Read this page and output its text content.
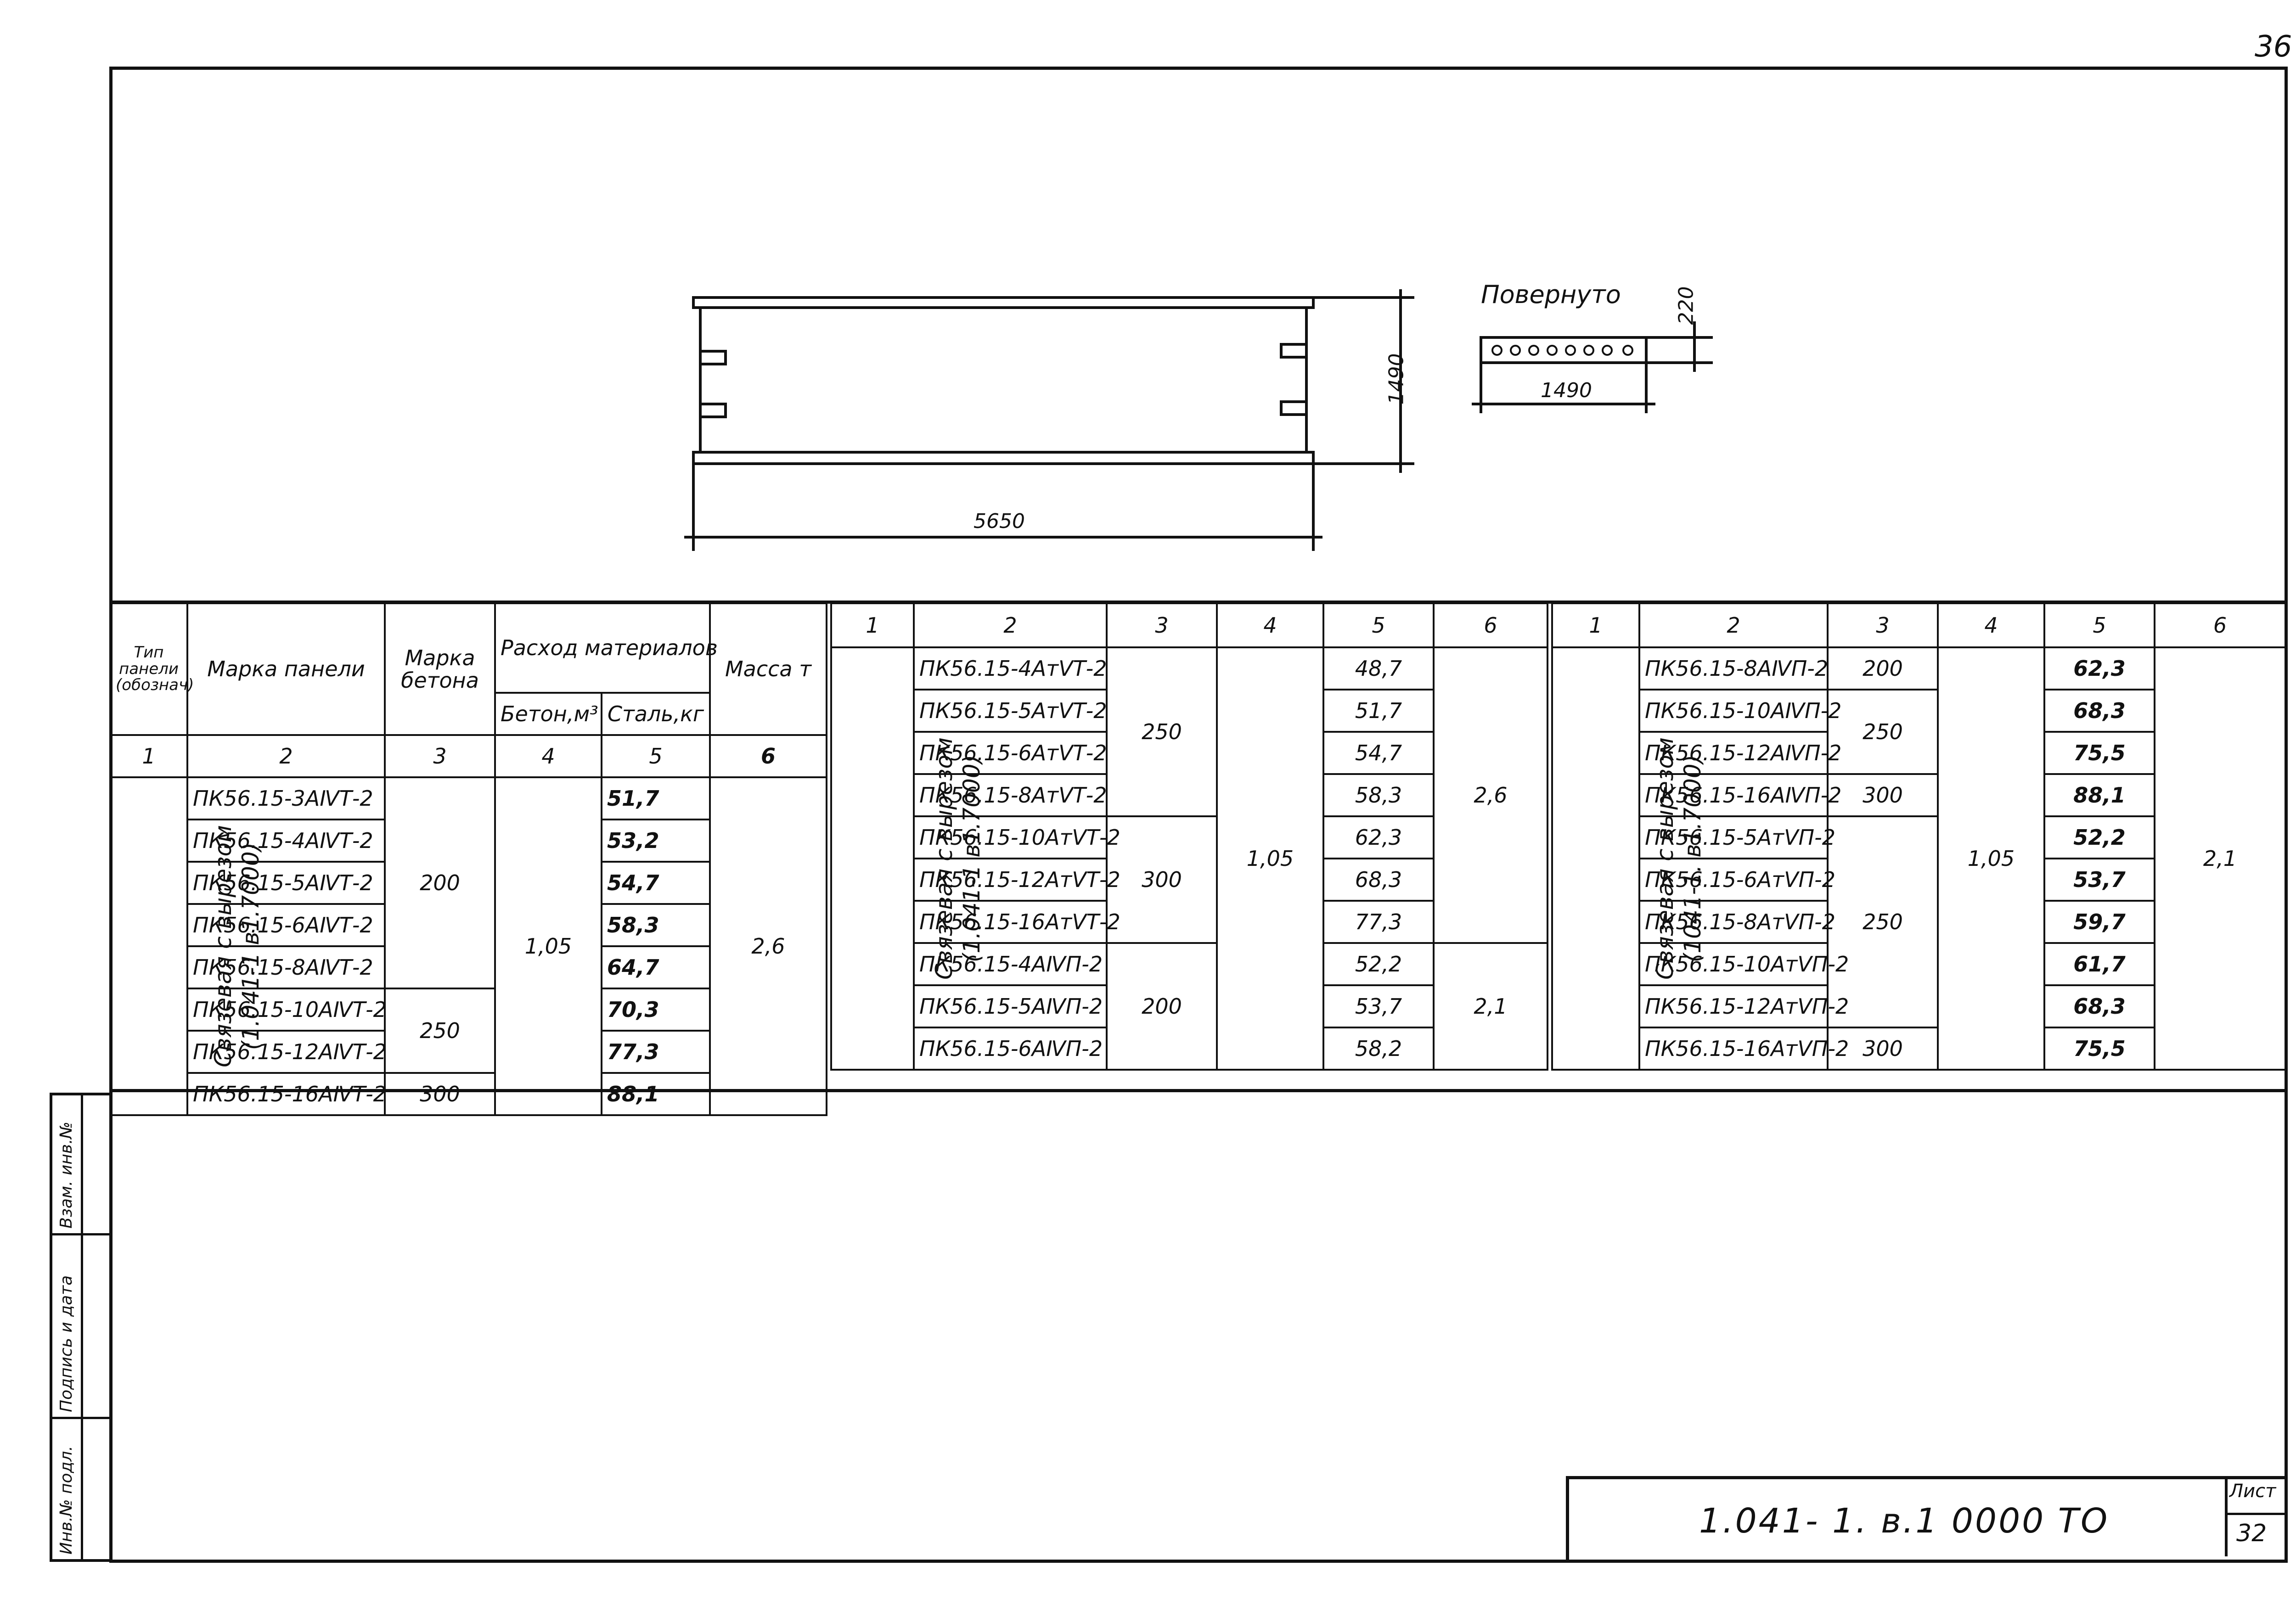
36
5650
1490
Повернуто
1490
220
Тип панели (обознач)	Марка панели	Марка бетона	Расход материалов		Масса т
			Бетон,м³	Сталь,кг	
1	2	3	4	5	6
Связевая с вырезом
(1.041-1 в1.7000)	ПК56.15-3АⅣТ-2	200	1,05	51,7	2,6
	ПК56.15-4АⅣТ-2			53,2	
	ПК56.15-5АⅣТ-2			54,7	
	ПК56.15-6АⅣТ-2			58,3	
	ПК56.15-8АⅣТ-2			64,7	
	ПК56.15-10АⅣТ-2	250		70,3	
	ПК56.15-12АⅣТ-2			77,3	
	ПК56.15-16АⅣТ-2	300		88,1	
1	2	3	4	5	6
Связевая с вырезом
(1.041-1 в1.7000)	ПК56.15-4АтⅤТ-2	250	1,05	48,7	2,6
	ПК56.15-5АтⅤТ-2			51,7	
	ПК56.15-6АтⅤТ-2			54,7	
	ПК56.15-8АтⅤТ-2			58,3	
	ПК56.15-10АтⅤТ-2	300		62,3	
	ПК56.15-12АтⅤТ-2			68,3	
	ПК56.15-16АтⅤТ-2			77,3	
	ПК56.15-4АⅣП-2	200		52,2	2,1
	ПК56.15-5АⅣП-2			53,7	
	ПК56.15-6АⅣП-2			58,2	
1	2	3	4	5	6
Связевая с вырезом
(1041-1. в1.7000)	ПК56.15-8АⅣП-2	200	1,05	62,3	2,1
	ПК56.15-10АⅣП-2	250		68,3	
	ПК56.15-12АⅣП-2			75,5	
	ПК56.15-16АⅣП-2	300		88,1	
	ПК56.15-5АтⅤП-2	250		52,2	
	ПК56.15-6АтⅤП-2			53,7	
	ПК56.15-8АтⅤП-2			59,7	
	ПК56.15-10АтⅤП-2			61,7	
	ПК56.15-12АтⅤП-2			68,3	
	ПК56.15-16АтⅤП-2	300		75,5	
Инв.№ подл.
Подпись и дата
Взам. инв.№
1.041- 1. в.1 0000 ТО
Лист
32
